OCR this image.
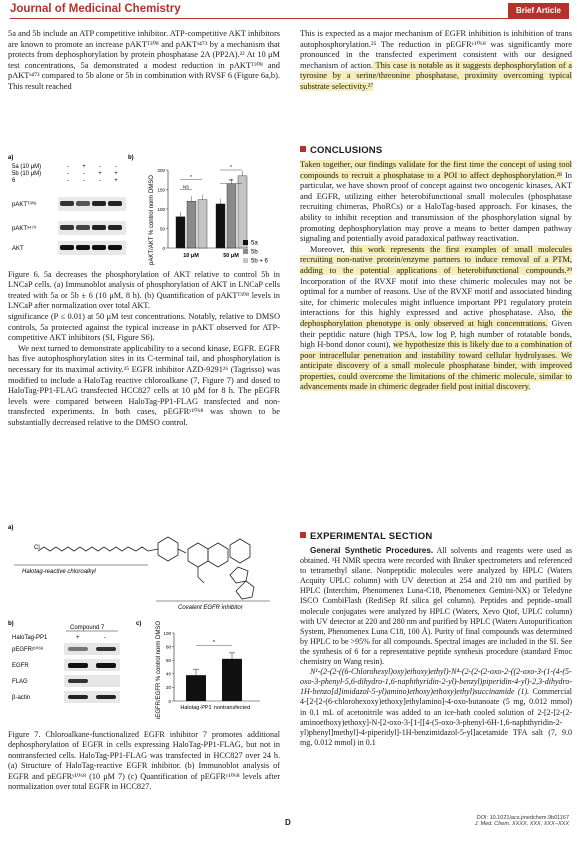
Journal of Medicinal Chemistry	Brief Article

5a and 5b include an ATP competitive inhibitor. ATP-competitive AKT inhibitors are known to promote an increase pAKTᵀ³⁰⁸ and pAKTˢ⁴⁷³ by a mechanism that protects from dephosphorylation by protein phosphatase 2A (PP2A).²² At 10 μM test concentrations, 5a demonstrated a modest reduction in pAKTᵀ³⁰⁸ and pAKTˢ⁴⁷³ compared to 5b alone or 5b in combination with RVSF 6 (Figure 6a,b). This result reached

a)	b)
5a (10 μM)
5b (10 μM)
6
- + - -
- - + +
- - - +
pAKTᵀ³⁰⁸
pAKTˢ⁴⁷³
AKT	0
50
100
150
200
10 μM	50 μM
NS
*
**
*
pAKT/AKT % control norm DMSO	5a
5b
5b + 6

Figure 6. 5a decreases the phosphorylation of AKT relative to control 5b in LNCaP cells. (a) Immunoblot analysis of phosphorylation of AKT in LNCaP cells treated with 5a or 5b ± 6 (10 μM, 8 h). (b) Quantification of pAKTᵀ³⁰⁸ levels in LNCaP after normalization over total AKT.

significance (P ≤ 0.01) at 50 μM test concentrations. Notably, relative to DMSO controls, 5a protected against the typical increase in pAKT observed for ATP-competitive AKT inhibitors (SI, Figure S6).

We next turned to demonstrate applicability to a second kinase, EGFR. EGFR has five autophosphorylation sites in its C-terminal tail, and phosphorylation is necessary for its maximal activity.²⁵ EGFR inhibitor AZD-9291²⁶ (Tagrisso) was modified to include a HaloTag reactive chloroalkane (7, Figure 7) and dosed to HaloTag-PP1-FLAG transfected HCC827 cells at 10 μM for 8 h. The pEGFR levels were compared between HaloTag-PP1-FLAG transfected and non-transfected experiments. In both cases, pEGFRʸ¹⁰⁶⁸ was shown to be substantially decreased relative to the DMSO control.

a)
Cl
Halotag-reactive chloroalkyl
Covalent EGFR inhibitor
b)	c)
Compound 7
HaloTag-PP1	+	-
pEGFRʸ¹⁰⁶⁸
EGFR
FLAG
β-actin
0
20
40
60
80
100
Halotag-PP1 nontransfected
*
pEGFR/EGFR % control norm DMSO

Figure 7. Chloroalkane-functionalized EGFR inhibitor 7 promotes additional dephosphorylation of EGFR in cells expressing HaloTag-PP1-FLAG, but not in nontransfected cells. HaloTag-PP1-FLAG was transfected in HCC827 over 24 h. (a) Structure of HaloTag-reactive EGFR inhibitor. (b) Immunoblot analysis of EGFR and pEGFRʸ¹⁰⁶⁸ (10 μM 7) (c) Quantification of pEGFRʸ¹⁰⁶⁸ levels after normalization over total EGFR in HCC827.

This is expected as a major mechanism of EGFR inhibition is inhibition of trans autophosphorylation.²⁵ The reduction in pEGFRʸ¹⁰⁶⁸ was significantly more pronounced in the transfected experiment consistent with our designed mechanism of action. This case is notable as it suggests dephosphorylation of a tyrosine by a serine/threonine phosphatase, proximity overcoming typical substrate selectivity.²⁷

CONCLUSIONS

Taken together, our findings validate for the first time the concept of using tool compounds to recruit a phosphatase to a POI to affect dephosphorylation.²⁸ In particular, we have shown proof of concept against two oncogenic kinases, AKT and EGFR, utilizing either heterobifunctional small molecules (phosphatase recruiting chimeras, PhoRCs) or a HaloTag-based approach. For kinases, the ability to inhibit reception and transmission of the phosphorylation signal by promoting dephosphorylation may prove a means to better dampen pathway signaling and potentially avoid paradoxical pathway reactivation.

Moreover, this work represents the first examples of small molecules recruiting non-native protein/enzyme partners to induce removal of a PTM, adding to the potential applications of heterobifunctional compounds.²⁹ Incorporation of the RVXF motif into these chimeric molecules may not be optimal for a number of reasons. Use of the RVXF motif and associated binding site, for chimeric molecules might influence important PP1 regulatory protein interactions for this highly expressed and active phosphatase. Also, the dephosphorylation phenotype is only observed at high concentrations. Given their peptidic nature (high TPSA, low log P, high number of rotatable bonds, high H-bond donor count), we hypothesize this is likely due to a combination of poor intracellular penetration and instability toward cellular hydrolyases. We anticipate discovery of a small molecule phosphatase binder, with improved properties, could overcome the limitations of the chimeric molecule, similar to advancements made in chimeric degrader field post initial discovery.

EXPERIMENTAL SECTION

General Synthetic Procedures. All solvents and reagents were used as obtained. ¹H NMR spectra were recorded with Bruker spectrometers and referenced to tetramethyl silane. Nonpeptidic molecules were analyzed by HPLC (Waters Acquity UPLC column) with UV detection at 254 and 210 nm and purified by HPLC (Interchim, Phenomenex Luna-C18, Phenomenex Gemini-NX) or Teledyne ISCO CombiFlash (RediSep Rf silica gel column). Peptides and peptide–small molecule conjugates were analyzed by HPLC (Waters, Xevo Qtof, UPLC column) with UV detector at 220 and 280 nm and purified by HPLC (Waters Autopurification System, Phenomenex Luna C18, 100 Å). Purity of final compounds was determined by HPLC to be >95% for all compounds. Spectral images are included in the SI. See the synthesis of 6 for a representative peptide synthesis procedure (standard Fmoc chemistry on Wang resin).

N¹-(2-(2-((6-Chlorohexyl)oxy)ethoxy)ethyl)-N⁴-(2-(2-(2-oxo-2-((2-oxo-3-(1-(4-(5-oxo-3-phenyl-5,6-dihydro-1,6-naphthyridin-2-yl)-benzyl)piperidin-4-yl)-2,3-dihydro-1H-benzo[d]imidazol-5-yl)amino)ethoxy)ethoxy)ethyl)succinamide (1). Commercial 4-[2-[2-(6-chlorohexoxy)ethoxy]ethylamino]-4-oxo-butanoate (5 mg, 0.012 mmol) in 0.1 mL of acetonitrile was added to an ice-bath cooled solution of 2-[2-[2-(2-aminoethoxy)ethoxy]-N-[2-oxo-3-[1-[[4-(5-oxo-3-phenyl-6H-1,6-naphthyridin-2-yl)phenyl]methyl]-4-piperidyl]-1H-benzimidazol-5-yl]acetamide TFA salt (7, 9.0 mg, 0.012 mmol) in 0.1

D	DOI: 10.1021/acs.jmedchem.9b01167
J. Med. Chem. XXXX, XXX, XXX−XXX
